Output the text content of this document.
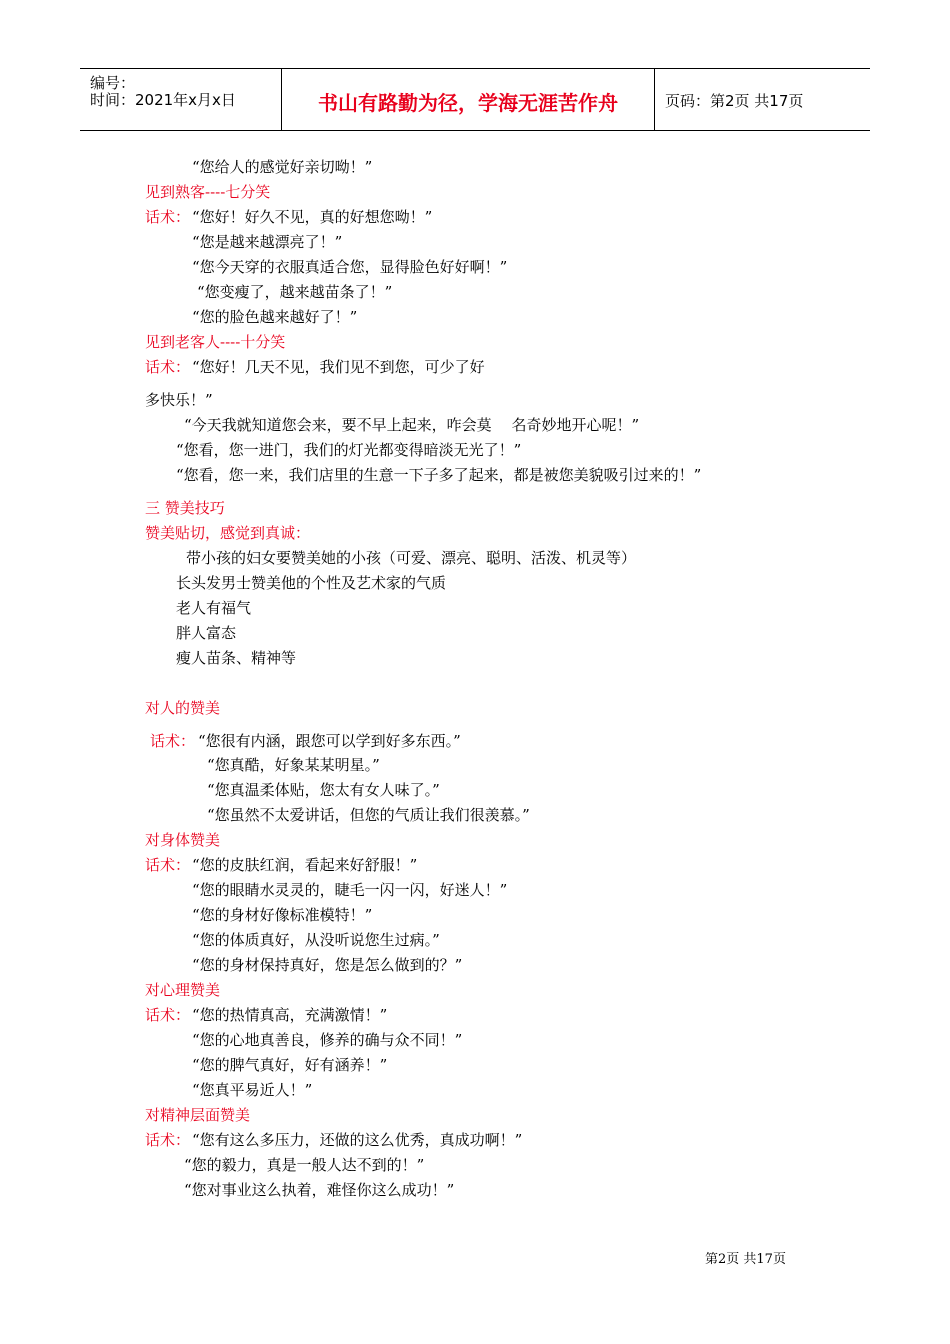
编号：
时间：2021年x月x日	书山有路勤为径，学海无涯苦作舟	页码：第2页 共17页
“您给人的感觉好亲切呦！”
见到熟客----七分笑
话术： “您好！好久不见，真的好想您呦！”
“您是越来越漂亮了！”
“您今天穿的衣服真适合您，显得脸色好好啊！”
“您变瘦了，越来越苗条了！”
“您的脸色越来越好了！”
见到老客人----十分笑
话术： “您好！几天不见，我们见不到您，可少了好
多快乐！”
“今天我就知道您会来，要不早上起来，咋会莫　 名奇妙地开心呢！”
“您看，您一进门，我们的灯光都变得暗淡无光了！”
“您看，您一来，我们店里的生意一下子多了起来，都是被您美貌吸引过来的！”
三 赞美技巧
赞美贴切，感觉到真诚：
带小孩的妇女要赞美她的小孩（可爱、漂亮、聪明、活泼、机灵等）
长头发男士赞美他的个性及艺术家的气质
老人有福气
胖人富态
瘦人苗条、精神等
对人的赞美
话术： “您很有内涵，跟您可以学到好多东西。”
“您真酷，好象某某明星。”
“您真温柔体贴，您太有女人味了。”
“您虽然不太爱讲话，但您的气质让我们很羡慕。”
对身体赞美
话术： “您的皮肤红润，看起来好舒服！”
“您的眼睛水灵灵的，睫毛一闪一闪，好迷人！”
“您的身材好像标准模特！”
“您的体质真好，从没听说您生过病。”
“您的身材保持真好，您是怎么做到的？”
对心理赞美
话术： “您的热情真高，充满激情！”
“您的心地真善良，修养的确与众不同！”
“您的脾气真好，好有涵养！”
“您真平易近人！”
对精神层面赞美
话术： “您有这么多压力，还做的这么优秀，真成功啊！”
“您的毅力，真是一般人达不到的！”
“您对事业这么执着，难怪你这么成功！”
第2页 共17页
